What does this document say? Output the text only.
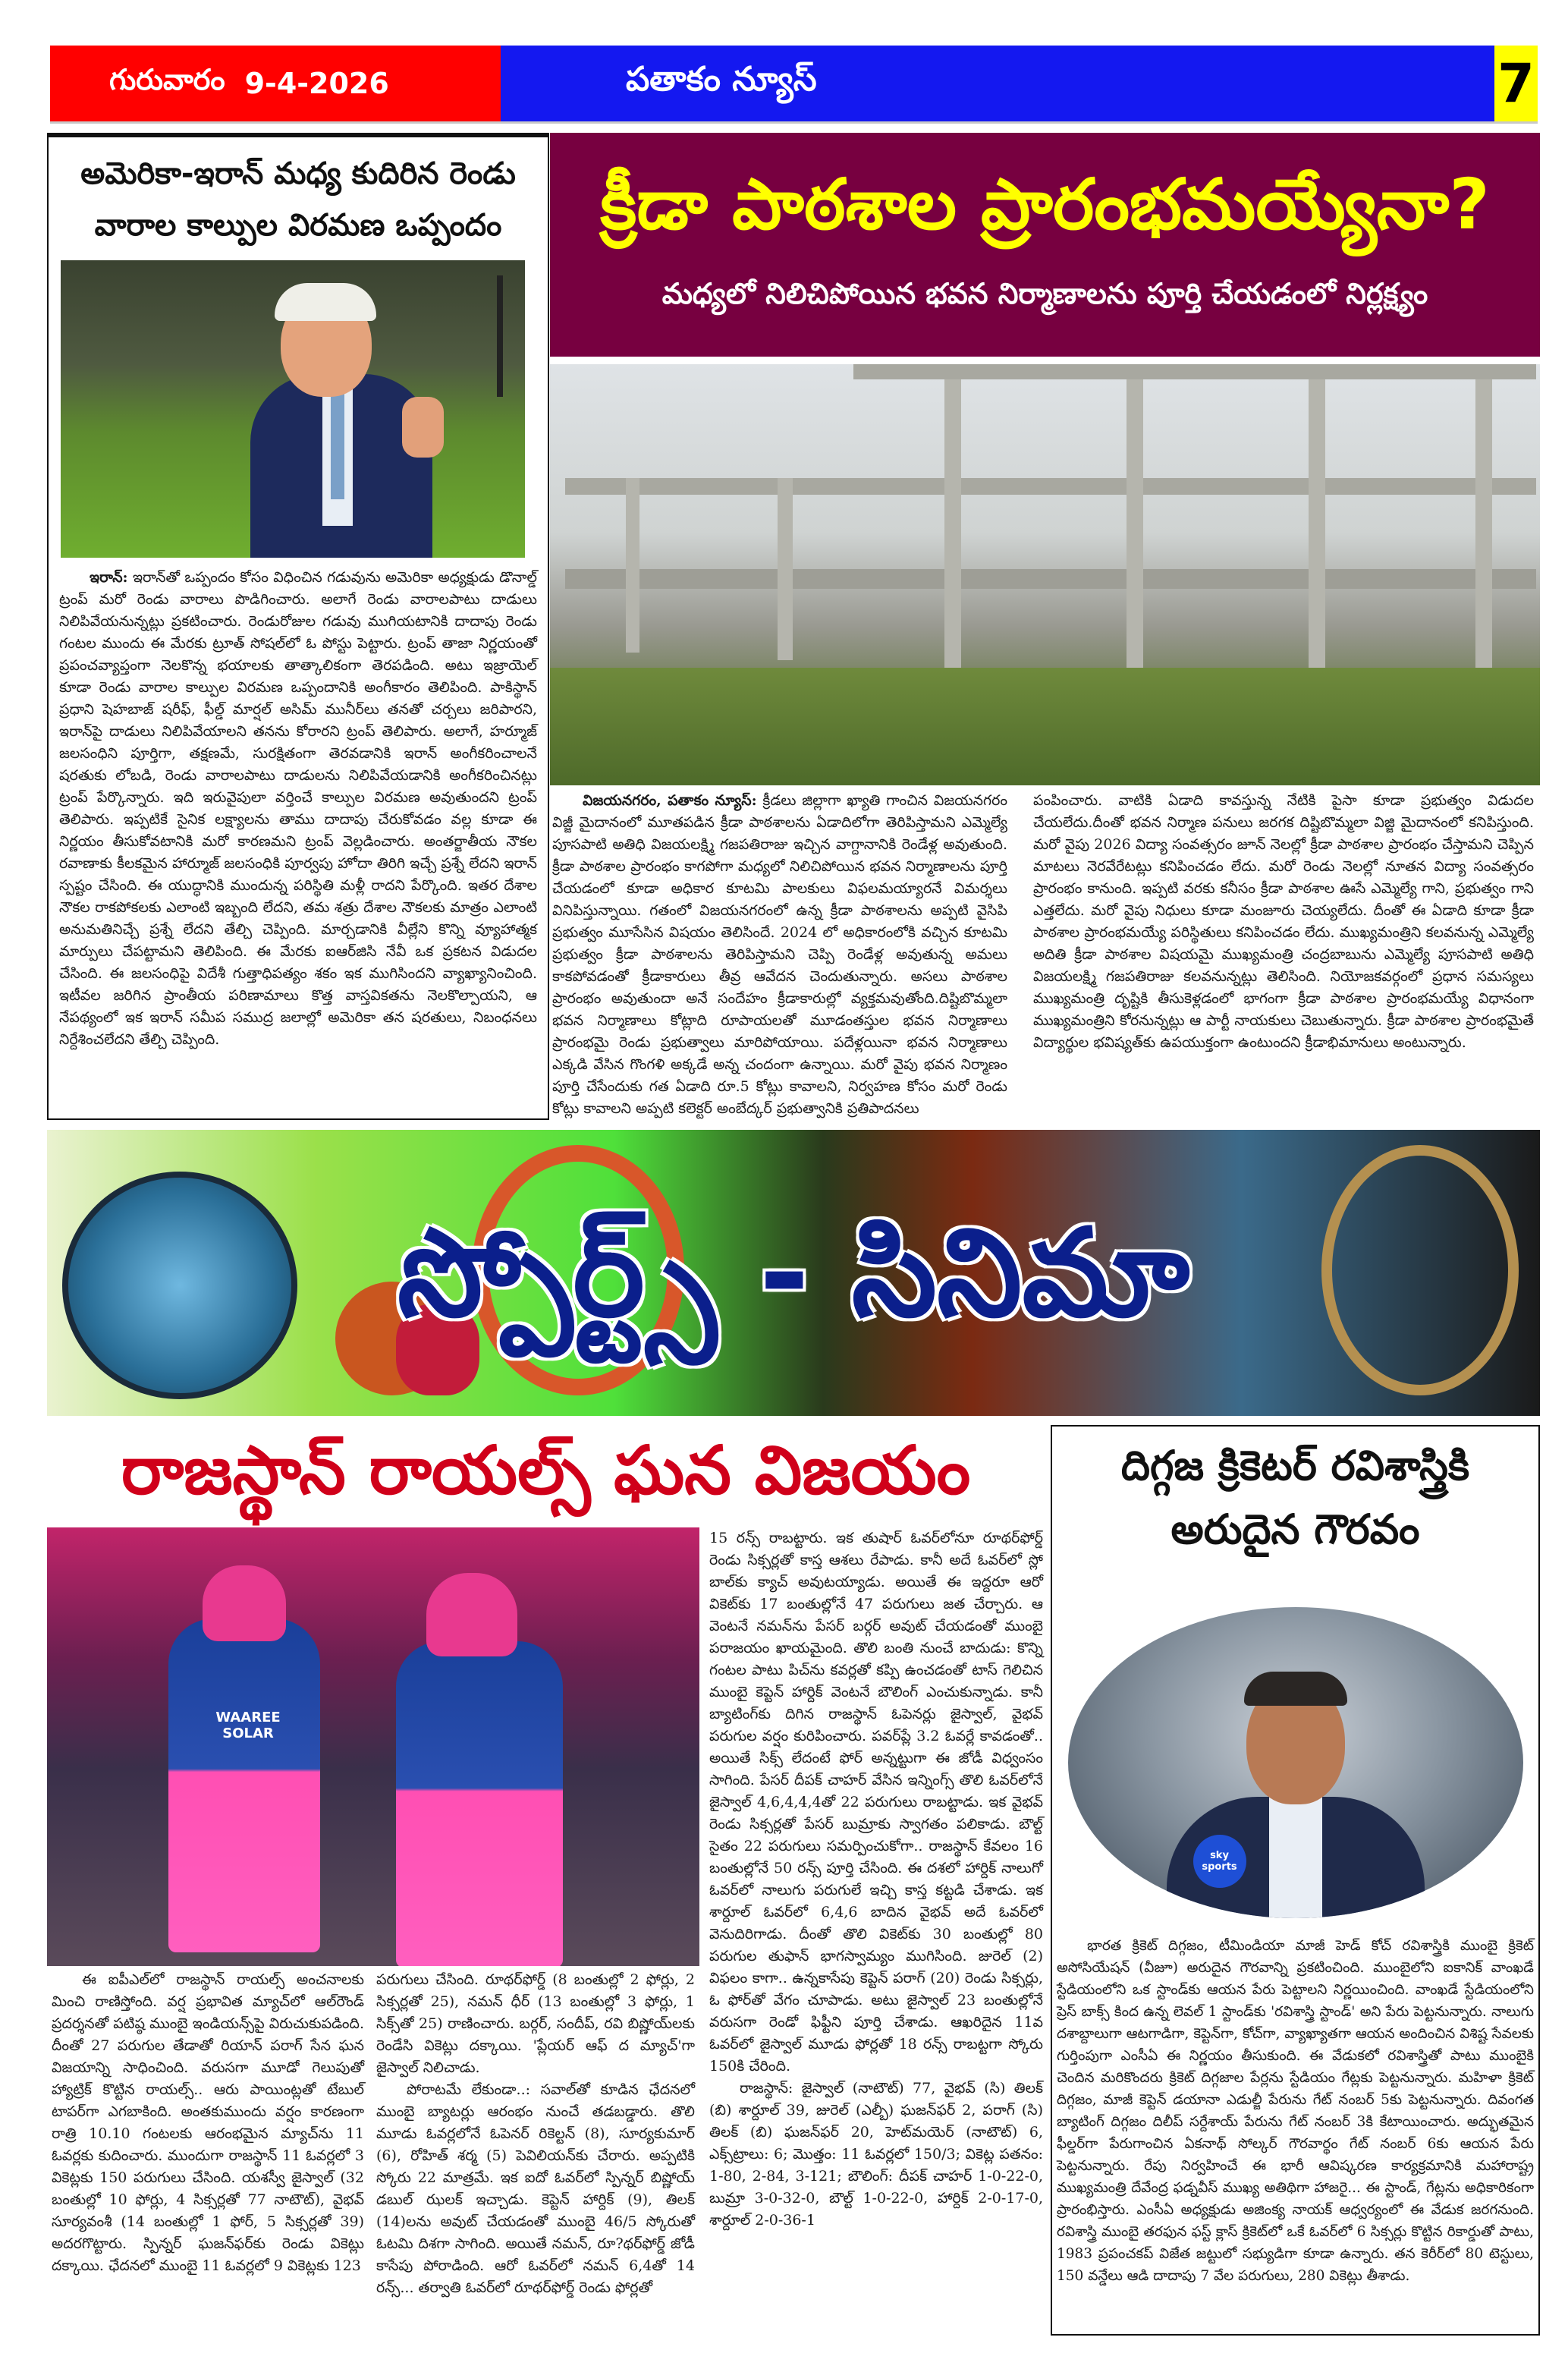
గురువారం 9-4-2026	పతాకం న్యూస్	7
అమెరికా-ఇరాన్ మధ్య కుదిరిన రెండు
వారాల కాల్పుల విరమణ ఒప్పందం

ఇరాన్: ఇరాన్‌తో ఒప్పందం కోసం విధించిన గడువును అమెరికా అధ్యక్షుడు డొనాల్డ్ ట్రంప్ మరో రెండు వారాలు పొడిగించారు. అలాగే రెండు వారాలపాటు దాడులు నిలిపివేయనున్నట్లు ప్రకటించారు. రెండురోజుల గడువు ముగియటానికి దాదాపు రెండు గంటల ముందు ఈ మేరకు ట్రూత్ సోషల్‌లో ఓ పోస్టు పెట్టారు. ట్రంప్ తాజా నిర్ణయంతో ప్రపంచవ్యాప్తంగా నెలకొన్న భయాలకు తాత్కాలికంగా తెరపడింది. అటు ఇజ్రాయెల్ కూడా రెండు వారాల కాల్పుల విరమణ ఒప్పందానికి అంగీకారం తెలిపింది. పాకిస్థాన్ ప్రధాని షెహబాజ్ షరీఫ్, ఫీల్డ్ మార్షల్ అసిమ్ మునీర్‌లు తనతో చర్చలు జరిపారని, ఇరాన్‌పై దాడులు నిలిపివేయాలని తనను కోరారని ట్రంప్ తెలిపారు. అలాగే, హర్మూజ్ జలసంధిని పూర్తిగా, తక్షణమే, సురక్షితంగా తెరవడానికి ఇరాన్ అంగీకరించాలనే షరతుకు లోబడి, రెండు వారాలపాటు దాడులను నిలిపివేయడానికి అంగీకరించినట్లు ట్రంప్ పేర్కొన్నారు. ఇది ఇరువైపులా వర్తించే కాల్పుల విరమణ అవుతుందని ట్రంప్ తెలిపారు. ఇప్పటికే సైనిక లక్ష్యాలను తాము దాదాపు చేరుకోవడం వల్ల కూడా ఈ నిర్ణయం తీసుకోవటానికి మరో కారణమని ట్రంప్ వెల్లడించారు. అంతర్జాతీయ నౌకల రవాణాకు కీలకమైన హార్మూజ్ జలసంధికి పూర్వపు హోదా తిరిగి ఇచ్చే ప్రశ్నే లేదని ఇరాన్ స్పష్టం చేసింది. ఈ యుద్ధానికి ముందున్న పరిస్థితి మళ్లీ రాదని పేర్కొంది. ఇతర దేశాల నౌకల రాకపోకలకు ఎలాంటి ఇబ్బంది లేదని, తమ శత్రు దేశాల నౌకలకు మాత్రం ఎలాంటి అనుమతినిచ్చే ప్రశ్నే లేదని తేల్చి చెప్పింది. మార్చడానికి వీల్లేని కొన్ని వ్యూహాత్మక మార్పులు చేపట్టామని తెలిపింది. ఈ మేరకు ఐఆర్‌జిసి నేవీ ఒక ప్రకటన విడుదల చేసింది. ఈ జలసంధిపై విదేశీ గుత్తాధిపత్యం శకం ఇక ముగిసిందని వ్యాఖ్యానించింది. ఇటీవల జరిగిన ప్రాంతీయ పరిణామాలు కొత్త వాస్తవికతను నెలకొల్పాయని, ఆ నేపథ్యంలో ఇక ఇరాన్ సమీప సముద్ర జలాల్లో అమెరికా తన షరతులు, నిబంధనలు నిర్దేశించలేదని తేల్చి చెప్పింది.

క్రీడా పాఠశాల ప్రారంభమయ్యేనా?
మధ్యలో నిలిచిపోయిన భవన నిర్మాణాలను పూర్తి చేయడంలో నిర్లక్ష్యం

విజయనగరం, పతాకం న్యూస్: క్రీడలు జిల్లాగా ఖ్యాతి గాంచిన విజయనగరం విజ్జీ మైదానంలో మూతపడిన క్రీడా పాఠశాలను ఏడాదిలోగా తెరిపిస్తామని ఎమ్మెల్యే పూసపాటి అతిధి విజయలక్ష్మి గజపతిరాజు ఇచ్చిన వాగ్దానానికి రెండేళ్ల అవుతుంది. క్రీడా పాఠశాల ప్రారంభం కాగపోగా మధ్యలో నిలిచిపోయిన భవన నిర్మాణాలను పూర్తి చేయడంలో కూడా అధికార కూటమి పాలకులు విఫలమయ్యారనే విమర్శలు వినిపిస్తున్నాయి. గతంలో విజయనగరంలో ఉన్న క్రీడా పాఠశాలను అప్పటి వైసిపి ప్రభుత్వం మూసేసిన విషయం తెలిసిందే. 2024 లో అధికారంలోకి వచ్చిన కూటమి ప్రభుత్వం క్రీడా పాఠశాలను తెరిపిస్తామని చెప్పి రెండేళ్ల అవుతున్న అమలు కాకపోవడంతో క్రీడాకారులు తీవ్ర ఆవేదన చెందుతున్నారు. అసలు పాఠశాల ప్రారంభం అవుతుందా అనే సందేహం క్రీడాకారుల్లో వ్యక్తమవుతోంది.దిష్టిబొమ్మలా భవన నిర్మాణాలు కోట్లాది రూపాయలతో మూడంతస్తుల భవన నిర్మాణాలు ప్రారంభమై రెండు ప్రభుత్వాలు మారిపోయాయి. పదేళ్లయినా భవన నిర్మాణాలు ఎక్కడి వేసిన గొంగళి అక్కడే అన్న చందంగా ఉన్నాయి. మరో వైపు భవన నిర్మాణం పూర్తి చేసేందుకు గత ఏడాది రూ.5 కోట్లు కావాలని, నిర్వహణ కోసం మరో రెండు కోట్లు కావాలని అప్పటి కలెక్టర్ అంబేద్కర్ ప్రభుత్వానికి ప్రతిపాదనలు

పంపించారు. వాటికి ఏడాది కావస్తున్న నేటికి పైసా కూడా ప్రభుత్వం విడుదల చేయలేదు.దీంతో భవన నిర్మాణ పనులు జరగక దిష్టిబొమ్మలా విజ్జి మైదానంలో కనిపిస్తుంది. మరో వైపు 2026 విద్యా సంవత్సరం జూన్ నెలల్లో క్రీడా పాఠశాల ప్రారంభం చేస్తామని చెప్పిన మాటలు నెరవేరేటట్లు కనిపించడం లేదు. మరో రెండు నెలల్లో నూతన విద్యా సంవత్సరం ప్రారంభం కానుంది. ఇప్పటి వరకు కనీసం క్రీడా పాఠశాల ఊసే ఎమ్మెల్యే గాని, ప్రభుత్వం గాని ఎత్తలేదు. మరో వైపు నిధులు కూడా మంజూరు చెయ్యలేదు. దీంతో ఈ ఏడాది కూడా క్రీడా పాఠశాల ప్రారంభమయ్యే పరిస్థితులు కనిపించడం లేదు. ముఖ్యమంత్రిని కలవనున్న ఎమ్మెల్యే అదితి క్రీడా పాఠశాల విషయమై ముఖ్యమంత్రి చంద్రబాబును ఎమ్మెల్యే పూసపాటి అతిధి విజయలక్ష్మి గజపతిరాజు కలవనున్నట్లు తెలిసింది. నియోజకవర్గంలో ప్రధాన సమస్యలు ముఖ్యమంత్రి దృష్టికి తీసుకెళ్లడంలో భాగంగా క్రీడా పాఠశాల ప్రారంభమయ్యే విధానంగా ముఖ్యమంత్రిని కోరనున్నట్లు ఆ పార్టీ నాయకులు చెబుతున్నారు. క్రీడా పాఠశాల ప్రారంభమైతే విద్యార్థుల భవిష్యత్‌కు ఉపయుక్తంగా ఉంటుందని క్రీడాభిమానులు అంటున్నారు.
స్పోర్ట్స్ - సినిమా
రాజస్థాన్ రాయల్స్ ఘన విజయం
WAAREE SOLAR

ఈ ఐపీఎల్‌లో రాజస్థాన్ రాయల్స్ అంచనాలకు మించి రాణిస్తోంది. వర్ష ప్రభావిత మ్యాచ్‌లో ఆల్‌రౌండ్ ప్రదర్శనతో పటిష్ఠ ముంబై ఇండియన్స్‌పై విరుచుకుపడింది. దీంతో 27 పరుగుల తేడాతో రియాన్ పరాగ్ సేన ఘన విజయాన్ని సాధించింది. వరుసగా మూడో గెలుపుతో హ్యాట్రిక్ కొట్టిన రాయల్స్.. ఆరు పాయింట్లతో టేబుల్ టాపర్‌గా ఎగబాకింది. అంతకుముందు వర్షం కారణంగా రాత్రి 10.10 గంటలకు ఆరంభమైన మ్యాచ్‌ను 11 ఓవర్లకు కుదించారు. ముందుగా రాజస్థాన్ 11 ఓవర్లలో 3 వికెట్లకు 150 పరుగులు చేసింది. యశస్వీ జైస్వాల్ (32 బంతుల్లో 10 ఫోర్లు, 4 సిక్సర్లతో 77 నాటౌట్), వైభవ్ సూర్యవంశీ (14 బంతుల్లో 1 ఫోర్, 5 సిక్సర్లతో 39) అదరగొట్టారు. స్పిన్నర్ ఘజన్‌ఫర్‌కు రెండు వికెట్లు దక్కాయి. ఛేదనలో ముంబై 11 ఓవర్లలో 9 వికెట్లకు 123

పరుగులు చేసింది. రూథర్‌ఫోర్డ్ (8 బంతుల్లో 2 ఫోర్లు, 2 సిక్సర్లతో 25), నమన్ ధీర్ (13 బంతుల్లో 3 ఫోర్లు, 1 సిక్స్‌తో 25) రాణించారు. బర్గర్, సందీప్, రవి బిష్ణోయ్‌లకు రెండేసి వికెట్లు దక్కాయి. 'ప్లేయర్ ఆఫ్ ద మ్యాచ్'గా జైస్వాల్ నిలిచాడు.

పోరాటమే లేకుండా..: సవాల్‌తో కూడిన ఛేదనలో ముంబై బ్యాటర్లు ఆరంభం నుంచే తడబడ్డారు. తొలి మూడు ఓవర్లలోనే ఓపెనర్ రికెల్టన్ (8), సూర్యకుమార్ (6), రోహిత్ శర్మ (5) పెవిలియన్‌కు చేరారు. అప్పటికి స్కోరు 22 మాత్రమే. ఇక ఐదో ఓవర్‌లో స్పిన్నర్ బిష్ణోయ్ డబుల్ ఝలక్ ఇచ్చాడు. కెప్టెన్ హార్దిక్ (9), తిలక్ (14)లను అవుట్ చేయడంతో ముంబై 46/5 స్కోరుతో ఓటమి దిశగా సాగింది. అయితే నమన్, రూ?థర్‌ఫోర్డ్ జోడీ కాసేపు పోరాడింది. ఆరో ఓవర్‌లో నమన్ 6,4తో 14 రన్స్... తర్వాతి ఓవర్‌లో రూథర్‌ఫోర్డ్ రెండు ఫోర్లతో

15 రన్స్ రాబట్టారు. ఇక తుషార్ ఓవర్‌లోనూ రూథర్‌ఫోర్డ్ రెండు సిక్సర్లతో కాస్త ఆశలు రేపాడు. కానీ అదే ఓవర్‌లో స్లో బాల్‌కు క్యాచ్ అవుటయ్యాడు. అయితే ఈ ఇద్దరూ ఆరో వికెట్‌కు 17 బంతుల్లోనే 47 పరుగులు జత చేర్చారు. ఆ వెంటనే నమన్‌ను పేసర్ బర్గర్ అవుట్ చేయడంతో ముంబై పరాజయం ఖాయమైంది. తొలి బంతి నుంచే బాదుడు: కొన్ని గంటల పాటు పిచ్‌ను కవర్లతో కప్పి ఉంచడంతో టాస్ గెలిచిన ముంబై కెప్టెన్ హార్దిక్ వెంటనే బౌలింగ్ ఎంచుకున్నాడు. కానీ బ్యాటింగ్‌కు దిగిన రాజస్థాన్ ఓపెనర్లు జైస్వాల్, వైభవ్ పరుగుల వర్షం కురిపించారు. పవర్‌ప్లే 3.2 ఓవర్లే కావడంతో.. అయితే సిక్స్ లేదంటే ఫోర్ అన్నట్టుగా ఈ జోడీ విధ్వంసం సాగింది. పేసర్ దీపక్ చాహర్ వేసిన ఇన్నింగ్స్ తొలి ఓవర్‌లోనే జైస్వాల్ 4,6,4,4,4తో 22 పరుగులు రాబట్టాడు. ఇక వైభవ్ రెండు సిక్సర్లతో పేసర్ బుమ్రాకు స్వాగతం పలికాడు. బౌల్ట్ సైతం 22 పరుగులు సమర్పించుకోగా.. రాజస్థాన్ కేవలం 16 బంతుల్లోనే 50 రన్స్ పూర్తి చేసింది. ఈ దశలో హార్దిక్ నాలుగో ఓవర్‌లో నాలుగు పరుగులే ఇచ్చి కాస్త కట్టడి చేశాడు. ఇక శార్దూల్ ఓవర్‌లో 6,4,6 బాదిన వైభవ్ అదే ఓవర్‌లో వెనుదిరిగాడు. దీంతో తొలి వికెట్‌కు 30 బంతుల్లో 80 పరుగుల తుఫాన్ భాగస్వామ్యం ముగిసింది. జురెల్ (2) విఫలం కాగా.. ఉన్నకాసేపు కెప్టెన్ పరాగ్ (20) రెండు సిక్సర్లు, ఓ ఫోర్‌తో వేగం చూపాడు. అటు జైస్వాల్ 23 బంతుల్లోనే వరుసగా రెండో ఫిఫ్టీని పూర్తి చేశాడు. ఆఖరిదైన 11వ ఓవర్‌లో జైస్వాల్ మూడు ఫోర్లతో 18 రన్స్ రాబట్టగా స్కోరు 150కి చేరింది.

రాజస్థాన్: జైస్వాల్ (నాటౌట్) 77, వైభవ్ (సి) తిలక్ (బి) శార్దూల్ 39, జురెల్ (ఎల్బీ) ఘజన్‌ఫర్ 2, పరాగ్ (సి) తిలక్ (బి) ఘజన్‌ఫర్ 20, హెట్‌మయెర్ (నాటౌట్) 6, ఎక్స్‌ట్రాలు: 6; మొత్తం: 11 ఓవర్లలో 150/3; వికెట్ల పతనం: 1-80, 2-84, 3-121; బౌలింగ్: దీపక్ చాహర్ 1-0-22-0, బుమ్రా 3-0-32-0, బౌల్ట్ 1-0-22-0, హార్దిక్ 2-0-17-0, శార్దూల్ 2-0-36-1

దిగ్గజ క్రికెటర్ రవిశాస్త్రికి
అరుదైన గౌరవం
sky sports

భారత క్రికెట్ దిగ్గజం, టీమిండియా మాజీ హెడ్ కోచ్ రవిశాస్త్రికి ముంబై క్రికెట్ అసోసియేషన్ (వీజూ) అరుదైన గౌరవాన్ని ప్రకటించింది. ముంబైలోని ఐకానిక్ వాంఖడే స్టేడియంలోని ఒక స్టాండ్‌కు ఆయన పేరు పెట్టాలని నిర్ణయించింది. వాంఖడే స్టేడియంలోని ప్రెస్ బాక్స్ కింద ఉన్న లెవల్ 1 స్టాండ్‌కు 'రవిశాస్త్రి స్టాండ్' అని పేరు పెట్టనున్నారు. నాలుగు దశాబ్దాలుగా ఆటగాడిగా, కెప్టెన్‌గా, కోచ్‌గా, వ్యాఖ్యాతగా ఆయన అందించిన విశిష్ట సేవలకు గుర్తింపుగా ఎంసీఏ ఈ నిర్ణయం తీసుకుంది. ఈ వేడుకలో రవిశాస్త్రితో పాటు ముంబైకి చెందిన మరికొందరు క్రికెట్ దిగ్గజాల పేర్లను స్టేడియం గేట్లకు పెట్టనున్నారు. మహిళా క్రికెట్ దిగ్గజం, మాజీ కెప్టెన్ డయానా ఎడుల్జీ పేరును గేట్ నంబర్ 5కు పెట్టనున్నారు. దివంగత బ్యాటింగ్ దిగ్గజం దిలీప్ సర్దేశాయ్ పేరును గేట్ నంబర్ 3కి కేటాయించారు. అద్భుతమైన ఫీల్డర్‌గా పేరుగాంచిన ఏకనాథ్ సోల్కర్ గౌరవార్థం గేట్ నంబర్ 6కు ఆయన పేరు పెట్టనున్నారు. రేపు నిర్వహించే ఈ భారీ ఆవిష్కరణ కార్యక్రమానికి మహారాష్ట్ర ముఖ్యమంత్రి దేవేంద్ర ఫడ్నవీస్ ముఖ్య అతిథిగా హాజరై... ఈ స్టాండ్, గేట్లను అధికారికంగా ప్రారంభిస్తారు. ఎంసీఏ అధ్యక్షుడు అజింక్య నాయక్ ఆధ్వర్యంలో ఈ వేడుక జరగనుంది. రవిశాస్త్రి ముంబై తరఫున ఫస్ట్ క్లాస్ క్రికెట్‌లో ఒకే ఓవర్‌లో 6 సిక్సర్లు కొట్టిన రికార్డుతో పాటు, 1983 ప్రపంచకప్ విజేత జట్టులో సభ్యుడిగా కూడా ఉన్నారు. తన కెరీర్‌లో 80 టెస్టులు, 150 వన్డేలు ఆడి దాదాపు 7 వేల పరుగులు, 280 వికెట్లు తీశాడు.
